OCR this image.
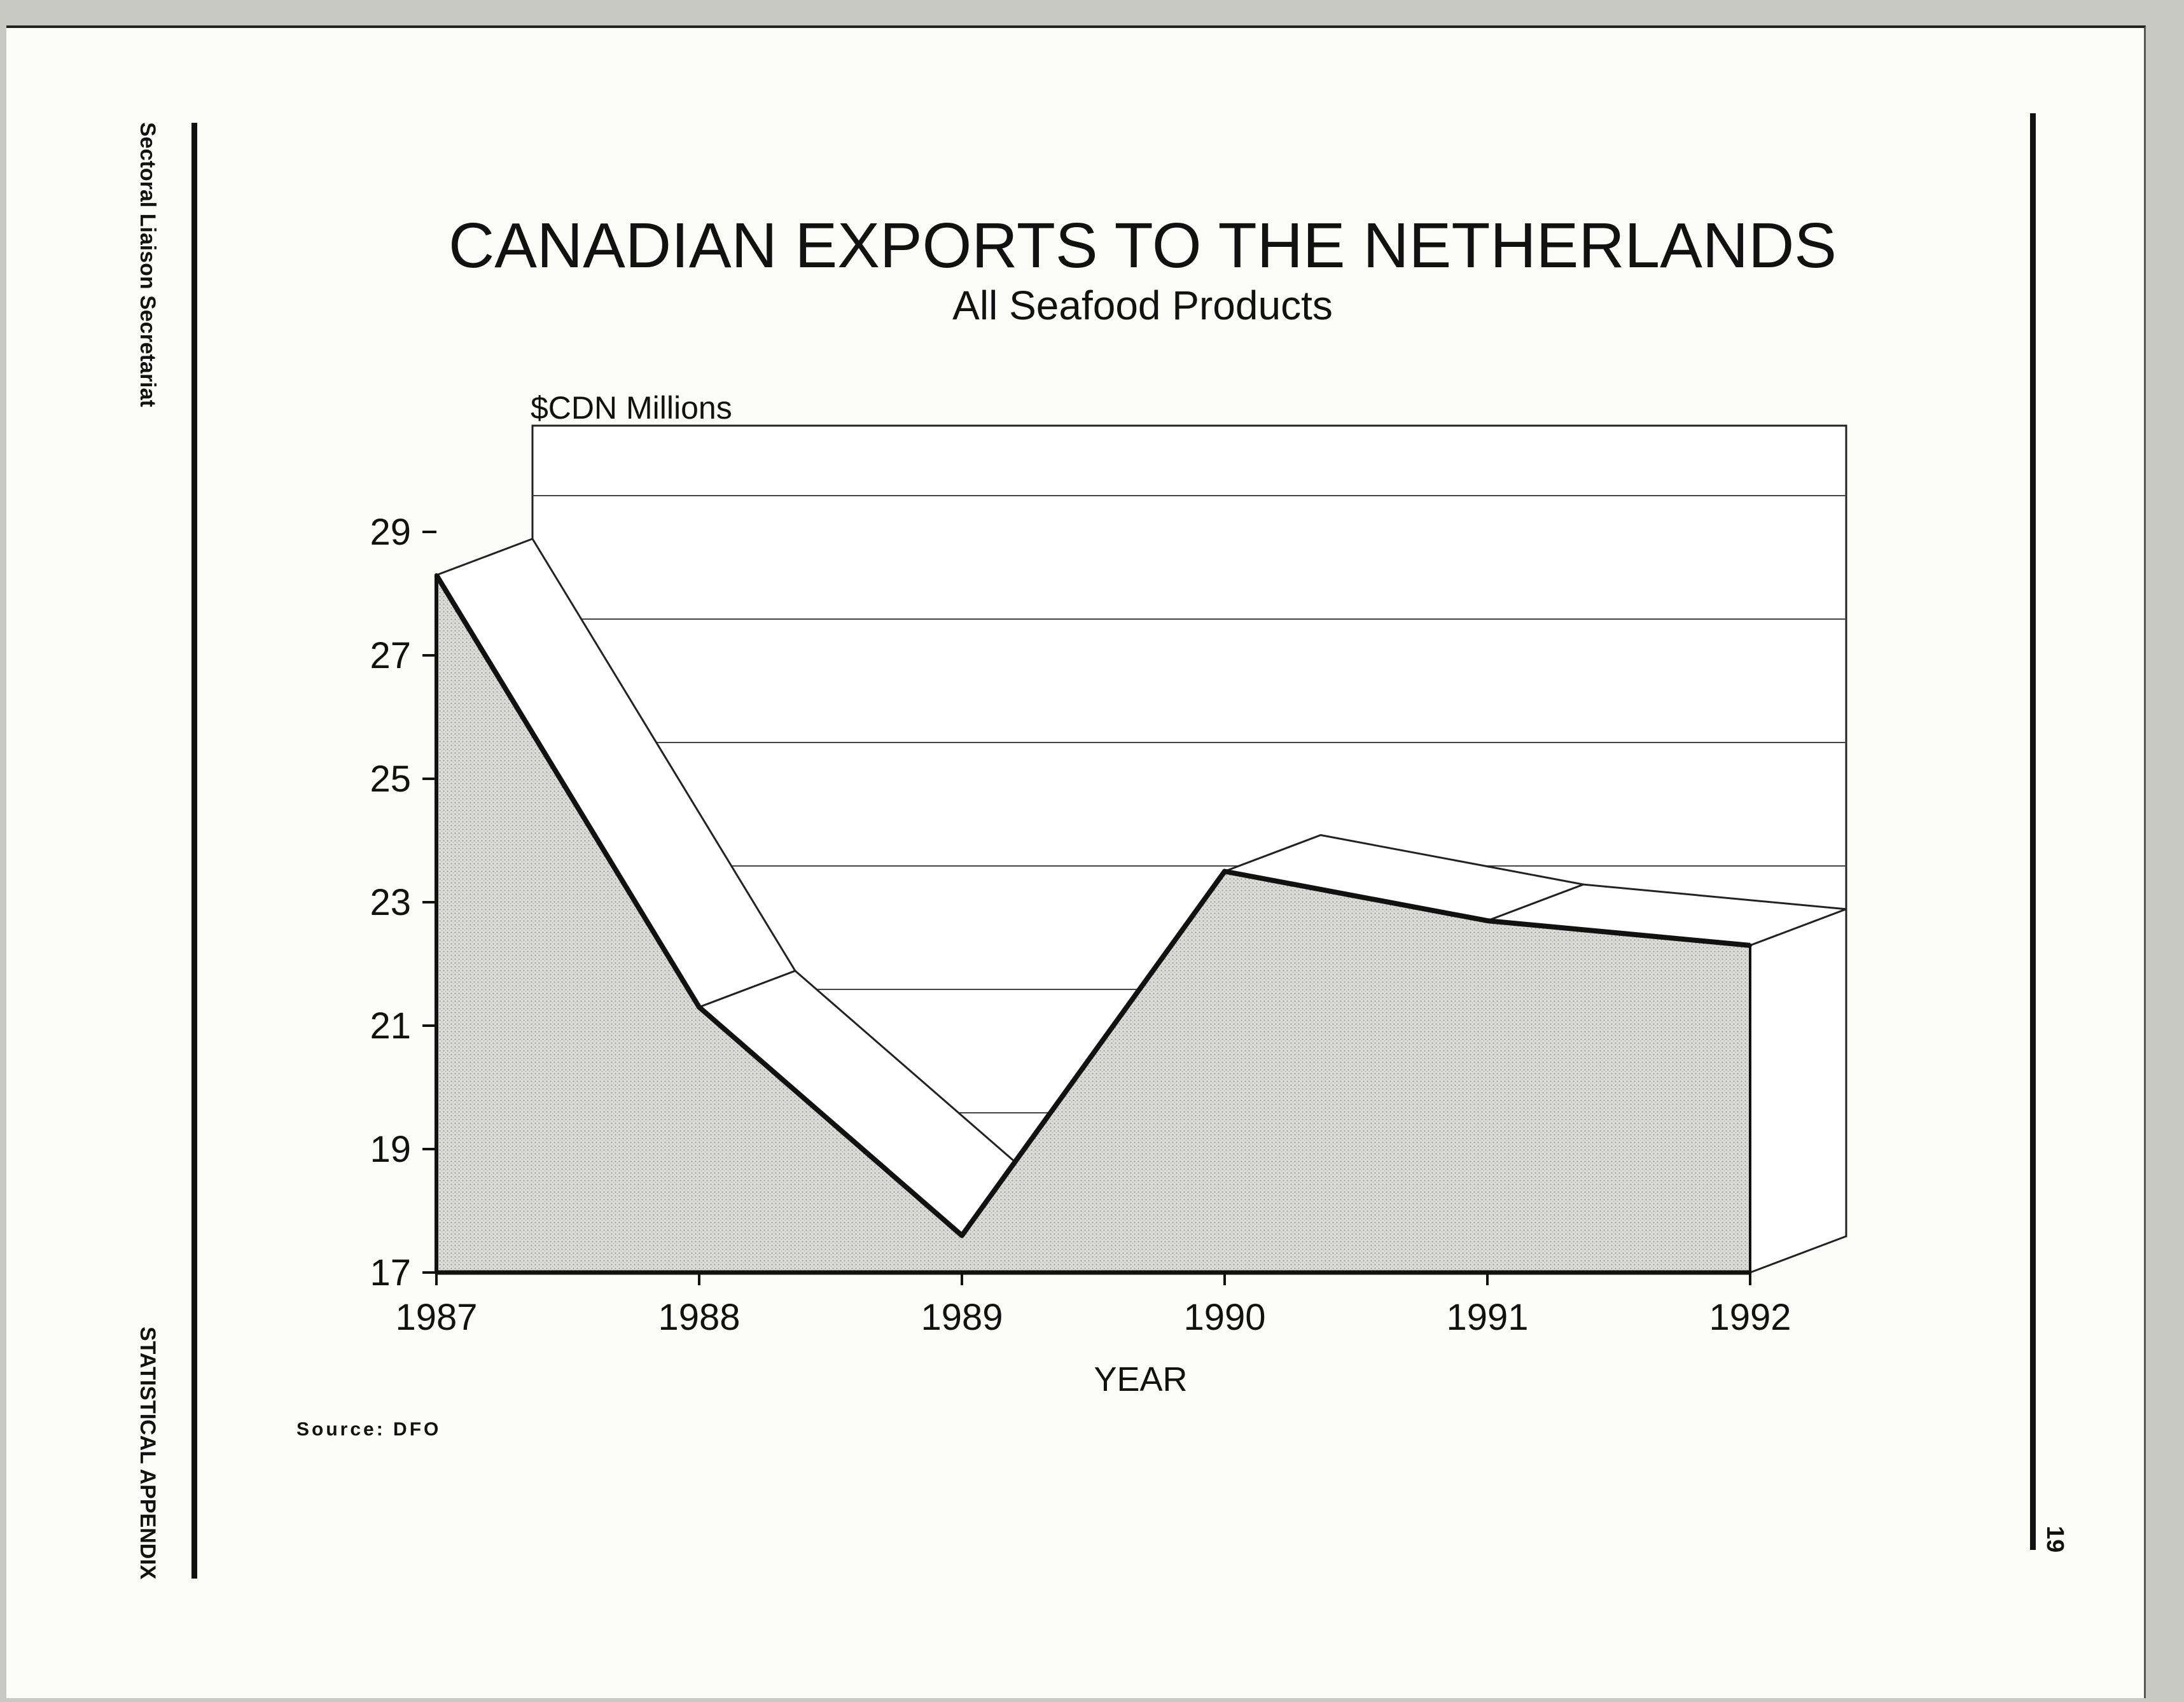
Sectoral Liaison Secretariat
STATISTICAL APPENDIX	19
CANADIAN EXPORTS TO THE NETHERLANDS
All Seafood Products
$CDN Millions
YEAR
17
19
21
23
25
27
29
1987	1988	1989	1990	1991	1992
Source: DFO
